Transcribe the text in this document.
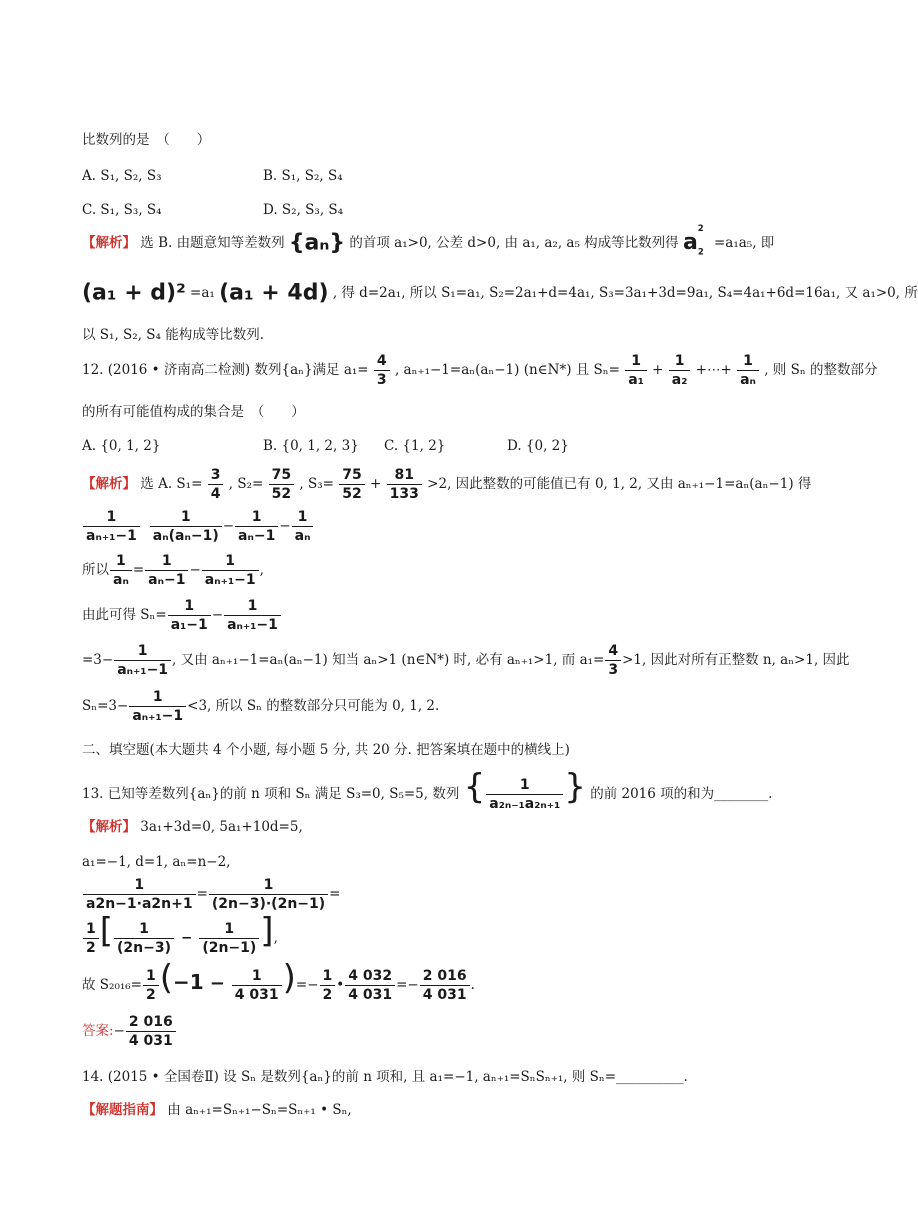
比数列的是　（　　）
A. S₁, S₂, S₃	B. S₁, S₂, S₄
C. S₁, S₃, S₄	D. S₂, S₃, S₄
【解析】 选 B. 由题意知等差数列 {aₙ} 的首项 a₁>0, 公差 d>0, 由 a₁, a₂, a₅ 构成等比数列得 $a_2^2 =a_1a_5$, 即
(a₁ + d)² =a₁ (a₁ + 4d) , 得 d=2a₁, 所以 S₁=a₁, S₂=2a₁+d=4a₁, S₃=3a₁+3d=9a₁, S₄=4a₁+6d=16a₁, 又 a₁>0, 所
以 S₁, S₂, S₄ 能构成等比数列.
12. (2016 • 济南高二检测) 数列{aₙ}满足 $a_1= \frac{4}{3}$ , aₙ₊₁−1=aₙ(aₙ−1) (n∈N*) 且 $S_n= \frac{1}{\text{a₁}} + \frac{1}{\text{a₂}}$ +⋯+ $\frac{1}{\text{aₙ}}$ , 则 Sₙ 的整数部分
的所有可能值构成的集合是　（　　）
A. {0, 1, 2}	B. {0, 1, 2, 3} C. {1, 2}	D. {0, 2}
【解析】 选 A. $S_1= \frac{3}{4}$ , $S_2= \frac{75}{52}$ , $S_3= \frac{75}{52} + \frac{81}{133} >2$, 因此整数的可能值已有 0, 1, 2, 又由 aₙ₊₁−1=aₙ(aₙ−1) 得
$\frac{1}{\text{aₙ₊₁−1}} \frac{1}{\text{aₙ(aₙ−1)}} - \frac{1}{\text{aₙ−1}} - \frac{1}{\text{aₙ}}$
所以 $\frac{1}{\text{aₙ}} = \frac{1}{\text{aₙ−1}} - \frac{1}{\text{aₙ₊₁−1}}$ ,
由此可得 $S_n= \frac{1}{\text{a₁−1}} - \frac{1}{\text{aₙ₊₁−1}}$
$=3- \frac{1}{\text{aₙ₊₁−1}}$ , 又由 aₙ₊₁−1=aₙ(aₙ−1) 知当 aₙ>1 (n∈N*) 时, 必有 aₙ₊₁>1, 而 $a_1= \frac{4}{3} >1$, 因此对所有正整数 n, aₙ>1, 因此
$S_n=3- \frac{1}{\text{aₙ₊₁−1}} <3$, 所以 Sₙ 的整数部分只可能为 0, 1, 2.
二、填空题(本大题共 4 个小题, 每小题 5 分, 共 20 分. 把答案填在题中的横线上)
13. 已知等差数列{aₙ}的前 n 项和 Sₙ 满足 S₃=0, S₅=5, 数列 { $\frac{1}{\text{a₂ₙ₋₁a₂ₙ₊₁}}$ } 的前 2016 项的和为________.
【解析】 3a₁+3d=0, 5a₁+10d=5,
a₁=−1, d=1, aₙ=n−2,
$\frac{1}{a2n-1\cdot a2n+1} = \frac{1}{(2n-3)\cdot(2n-1)}$ =
$\frac{1}{2}$ [ $\frac{1}{(2n-3)} - \frac{1}{(2n-1)}$ ],
故 $S_{2016}= \frac{1}{2} (-1 - \frac{1}{4 031}$ )=− $\frac{1}{2}$ • $\frac{4 032}{4 031} =- \frac{2 016}{4 031}$ .
答案:− $\frac{2 016}{4 031}$
14. (2015 • 全国卷Ⅱ) 设 Sₙ 是数列{aₙ}的前 n 项和, 且 a₁=−1, aₙ₊₁=SₙSₙ₊₁, 则 Sₙ=__________.
【解题指南】 由 aₙ₊₁=Sₙ₊₁−Sₙ=Sₙ₊₁ • Sₙ,
